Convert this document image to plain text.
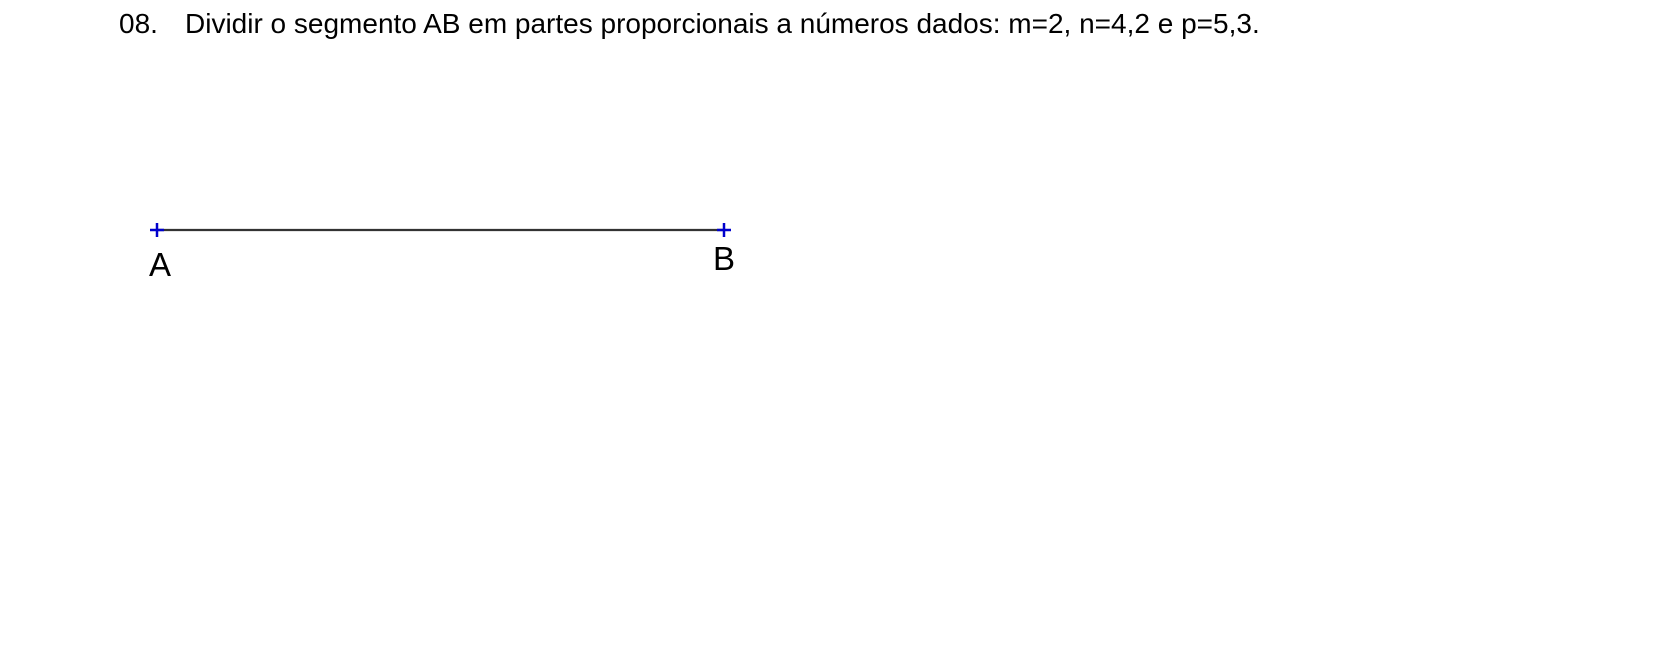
08. Dividir o segmento AB em partes proporcionais a números dados: m=2, n=4,2 e p=5,3.
A	B
